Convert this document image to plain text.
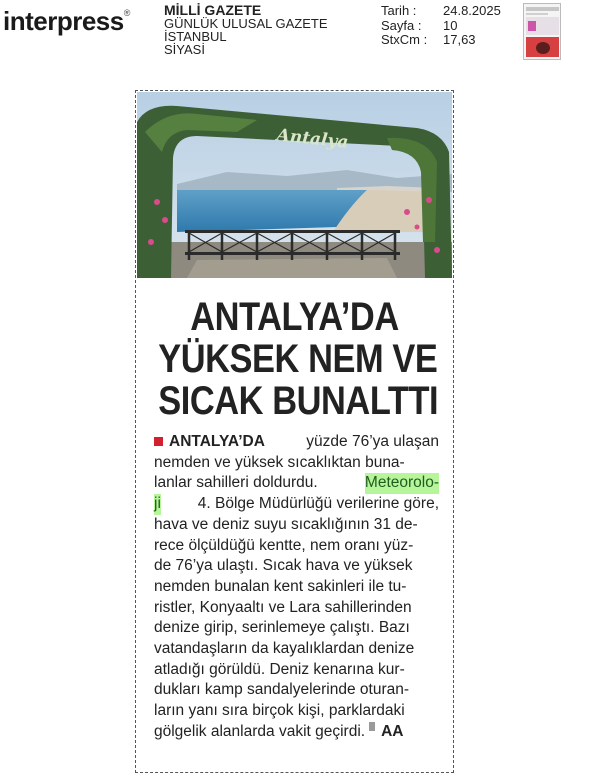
interpress® MİLLİ GAZETE
GÜNLÜK ULUSAL GAZETE
İSTANBUL
SİYASİ
Tarih :	24.8.2025
Sayfa :	10
StxCm :	17,63
Antalya
ANTALYA’DA
YÜKSEK NEM VE
SICAK BUNALTTI
ANTALYA’DA	yüzde 76’ya ulaşan
nemden ve yüksek sıcaklıktan buna-
lanlar sahilleri doldurdu.	Meteorolo-
ji 4. Bölge Müdürlüğü verilerine göre,
hava ve deniz suyu sıcaklığının 31 de-
rece ölçüldüğü kentte, nem oranı yüz-
de 76’ya ulaştı. Sıcak hava ve yüksek
nemden bunalan kent sakinleri ile tu-
ristler, Konyaaltı ve Lara sahillerinden
denize girip, serinlemeye çalıştı. Bazı
vatandaşların da kayalıklardan denize
atladığı görüldü. Deniz kenarına kur-
dukları kamp sandalyelerinde oturan-
ların yanı sıra birçok kişi, parklardaki
gölgelik alanlarda vakit geçirdi. AA
